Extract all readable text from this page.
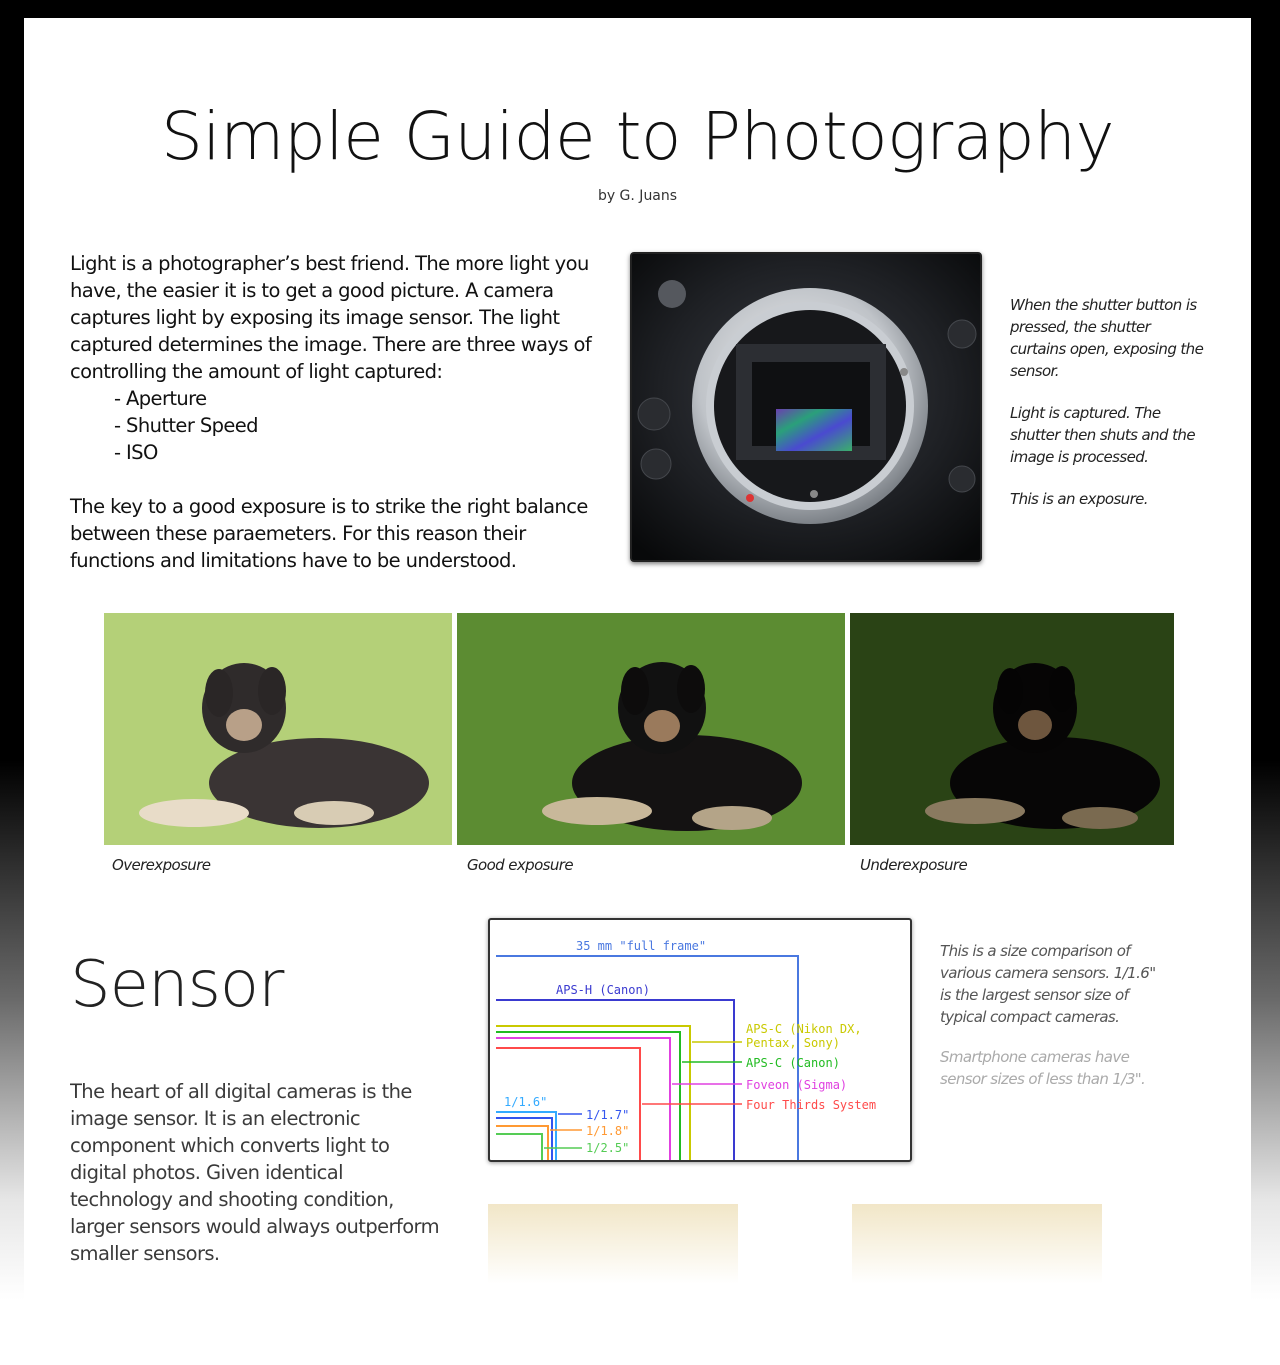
Simple Guide to Photography
by G. Juans

Light is a photographer’s best friend. The more light you have, the easier it is to get a good picture. A camera captures light by exposing its image sensor. The light captured determines the image. There are three ways of controlling the amount of light captured:

- Aperture
- Shutter Speed
- ISO

The key to a good exposure is to strike the right balance between these paraemeters. For this reason their functions and limitations have to be understood.

When the shutter button is pressed, the shutter curtains open, exposing the sensor.

Light is captured. The shutter then shuts and the image is processed.

This is an exposure.

Overexposure	Good exposure	Underexposure
Sensor
The heart of all digital cameras is the image sensor. It is an electronic component which converts light to digital photos. Given identical technology and shooting condition, larger sensors would always outperform smaller sensors.
35 mm "full frame"
APS-H (Canon)
APS-C (Nikon DX,
Pentax, Sony)
APS-C (Canon)
Foveon (Sigma)
Four Thirds System
1/1.6"
1/1.7"
1/1.8"
1/2.5"

This is a size comparison of various camera sensors. 1/1.6" is the largest sensor size of typical compact cameras.

Smartphone cameras have sensor sizes of less than 1/3".
